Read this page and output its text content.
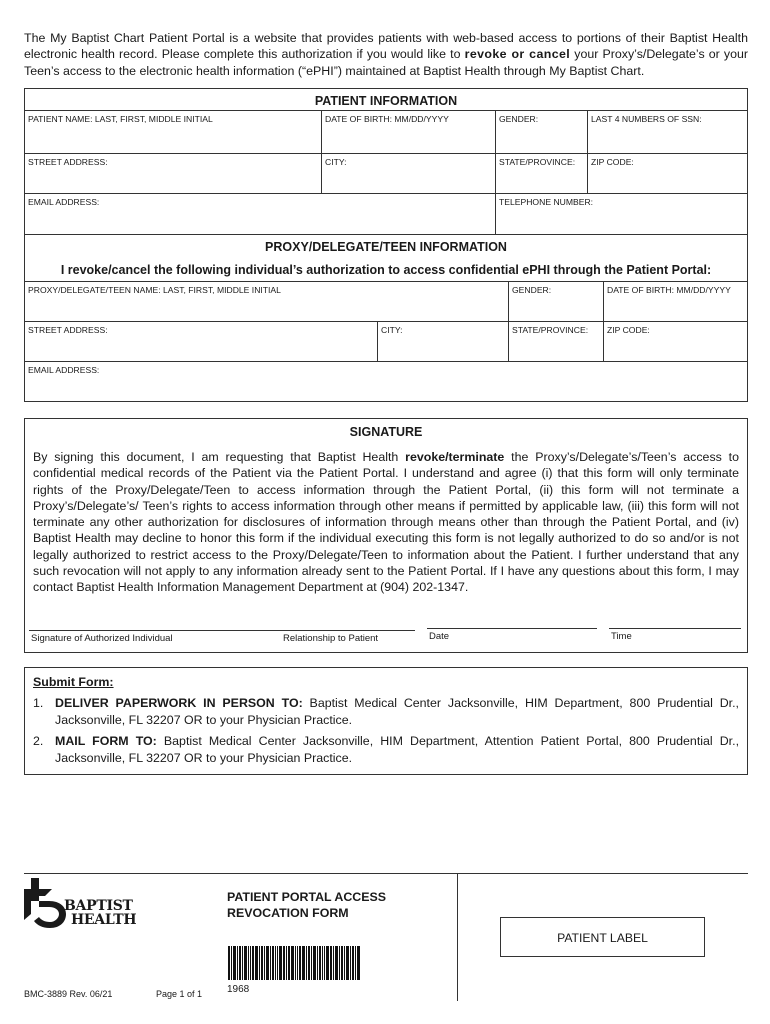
The My Baptist Chart Patient Portal is a website that provides patients with web-based access to portions of their Baptist Health electronic health record. Please complete this authorization if you would like to revoke or cancel your Proxy’s/Delegate’s or your Teen’s access to the electronic health information (“ePHI”) maintained at Baptist Health through My Baptist Chart.
PATIENT INFORMATION
PATIENT NAME: LAST, FIRST, MIDDLE INITIAL	DATE OF BIRTH: MM/DD/YYYY	GENDER:	LAST 4 NUMBERS OF SSN:
STREET ADDRESS:	CITY:	STATE/PROVINCE:	ZIP CODE:
EMAIL ADDRESS:	TELEPHONE NUMBER:
PROXY/DELEGATE/TEEN INFORMATION
I revoke/cancel the following individual’s authorization to access confidential ePHI through the Patient Portal:
PROXY/DELEGATE/TEEN NAME: LAST, FIRST, MIDDLE INITIAL	GENDER:	DATE OF BIRTH: MM/DD/YYYY
STREET ADDRESS:	CITY:	STATE/PROVINCE:	ZIP CODE:
EMAIL ADDRESS:
SIGNATURE
By signing this document, I am requesting that Baptist Health revoke/terminate the Proxy’s/Delegate’s/Teen’s access to confidential medical records of the Patient via the Patient Portal. I understand and agree (i) that this form will only terminate rights of the Proxy/Delegate/Teen to access information through the Patient Portal, (ii) this form will not terminate a Proxy’s/Delegate’s/ Teen’s rights to access information through other means if permitted by applicable law, (iii) this form will not terminate any other authorization for disclosures of information through means other than through the Patient Portal, and (iv) Baptist Health may decline to honor this form if the individual executing this form is not legally authorized to do so and/or is not legally authorized to restrict access to the Proxy/Delegate/Teen to information about the Patient. I further understand that any such revocation will not apply to any information already sent to the Patient Portal. If I have any questions about this form, I may contact Baptist Health Information Management Department at (904) 202-1347.
Signature of Authorized Individual	Relationship to Patient	Date	Time
Submit Form:
1. DELIVER PAPERWORK IN PERSON TO: Baptist Medical Center Jacksonville, HIM Department, 800 Prudential Dr., Jacksonville, FL 32207 OR to your Physician Practice.
2. MAIL FORM TO: Baptist Medical Center Jacksonville, HIM Department, Attention Patient Portal, 800 Prudential Dr., Jacksonville, FL 32207 OR to your Physician Practice.
BAPTIST
HEALTH
PATIENT PORTAL ACCESS
REVOCATION FORM
PATIENT LABEL
1968
BMC-3889 Rev. 06/21	Page 1 of 1
